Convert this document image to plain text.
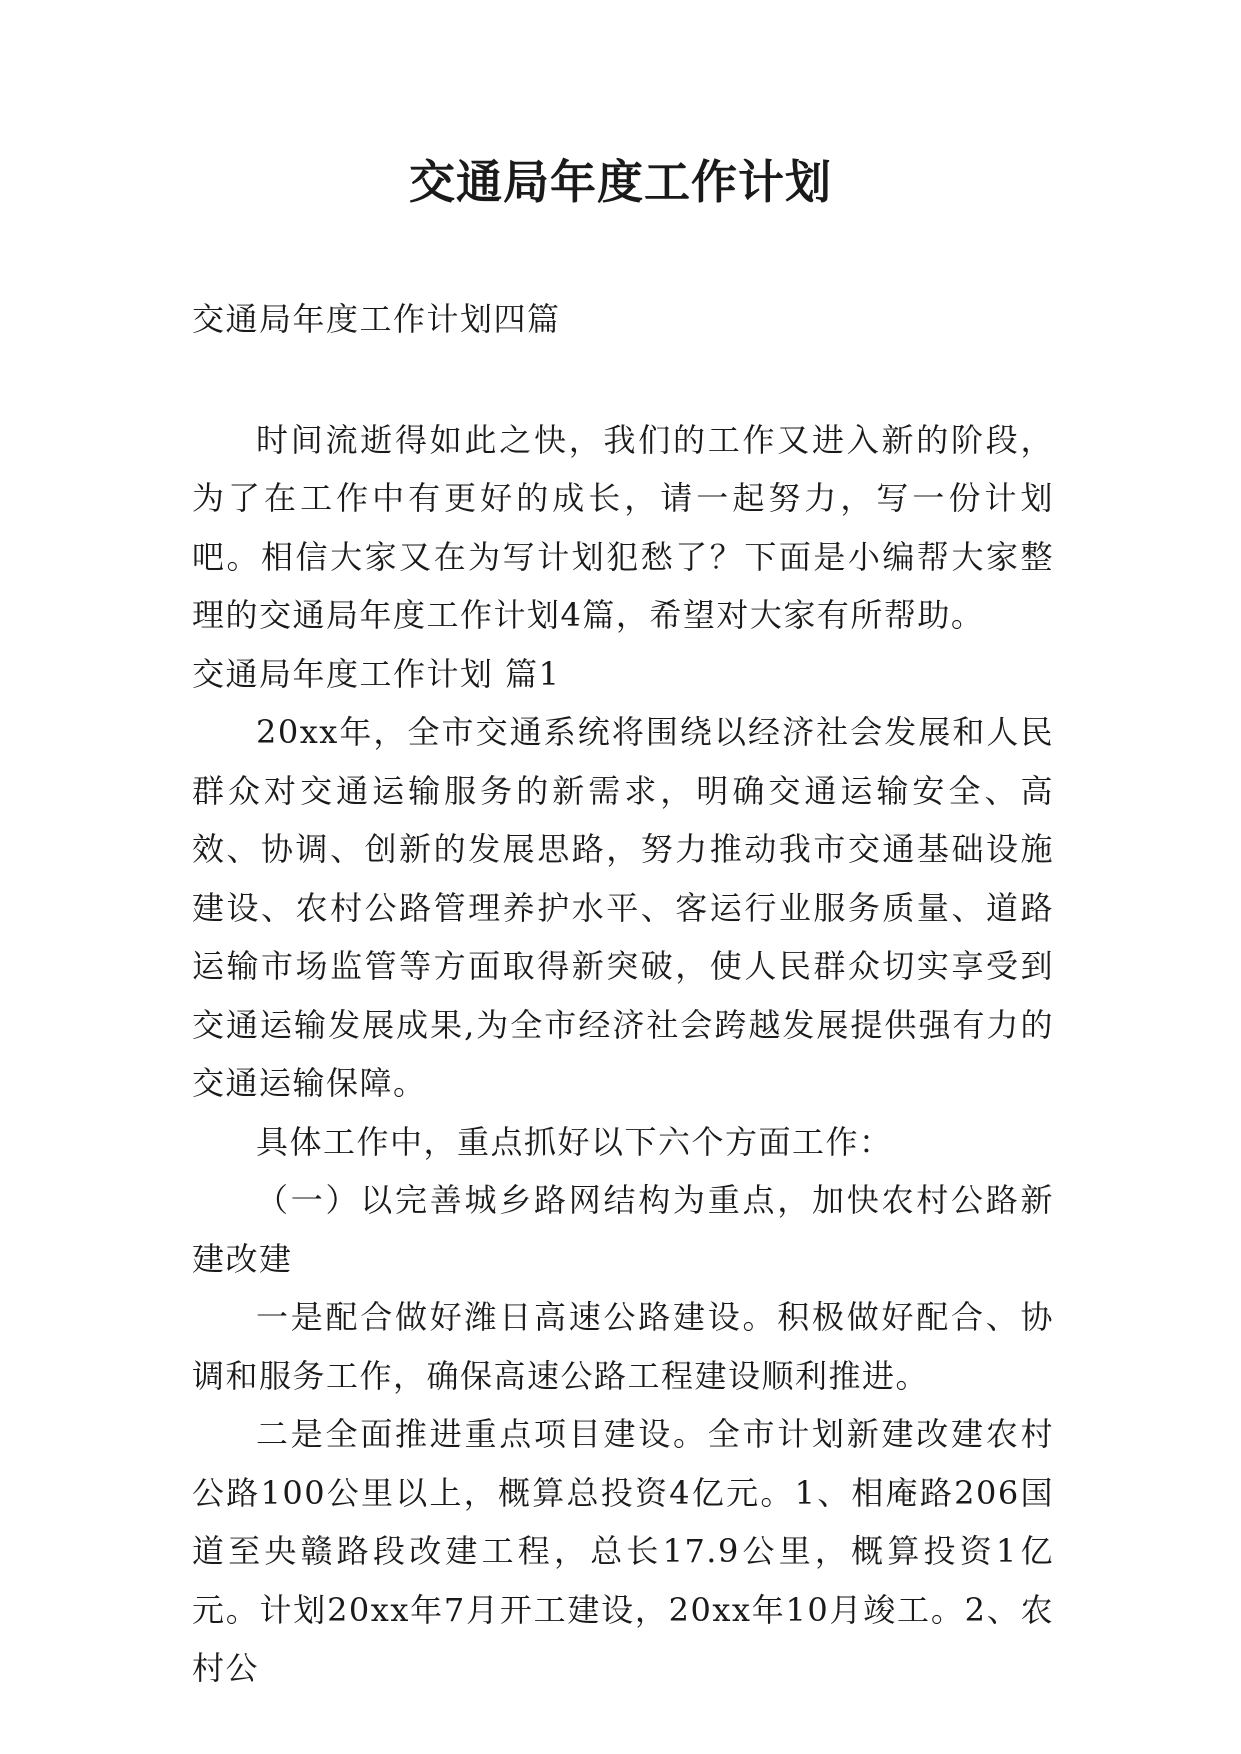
交通局年度工作计划

交通局年度工作计划四篇

时间流逝得如此之快，我们的工作又进入新的阶段，为了在工作中有更好的成长，请一起努力，写一份计划吧。相信大家又在为写计划犯愁了？下面是小编帮大家整理的交通局年度工作计划4篇，希望对大家有所帮助。

交通局年度工作计划 篇1

20xx年，全市交通系统将围绕以经济社会发展和人民群众对交通运输服务的新需求，明确交通运输安全、高效、协调、创新的发展思路，努力推动我市交通基础设施建设、农村公路管理养护水平、客运行业服务质量、道路运输市场监管等方面取得新突破，使人民群众切实享受到交通运输发展成果,为全市经济社会跨越发展提供强有力的交通运输保障。

具体工作中，重点抓好以下六个方面工作：

（一）以完善城乡路网结构为重点，加快农村公路新建改建

一是配合做好潍日高速公路建设。积极做好配合、协调和服务工作，确保高速公路工程建设顺利推进。

二是全面推进重点项目建设。全市计划新建改建农村公路100公里以上，概算总投资4亿元。1、相庵路206国道至央赣路段改建工程，总长17.9公里，概算投资1亿元。计划20xx年7月开工建设，20xx年10月竣工。2、农村公
